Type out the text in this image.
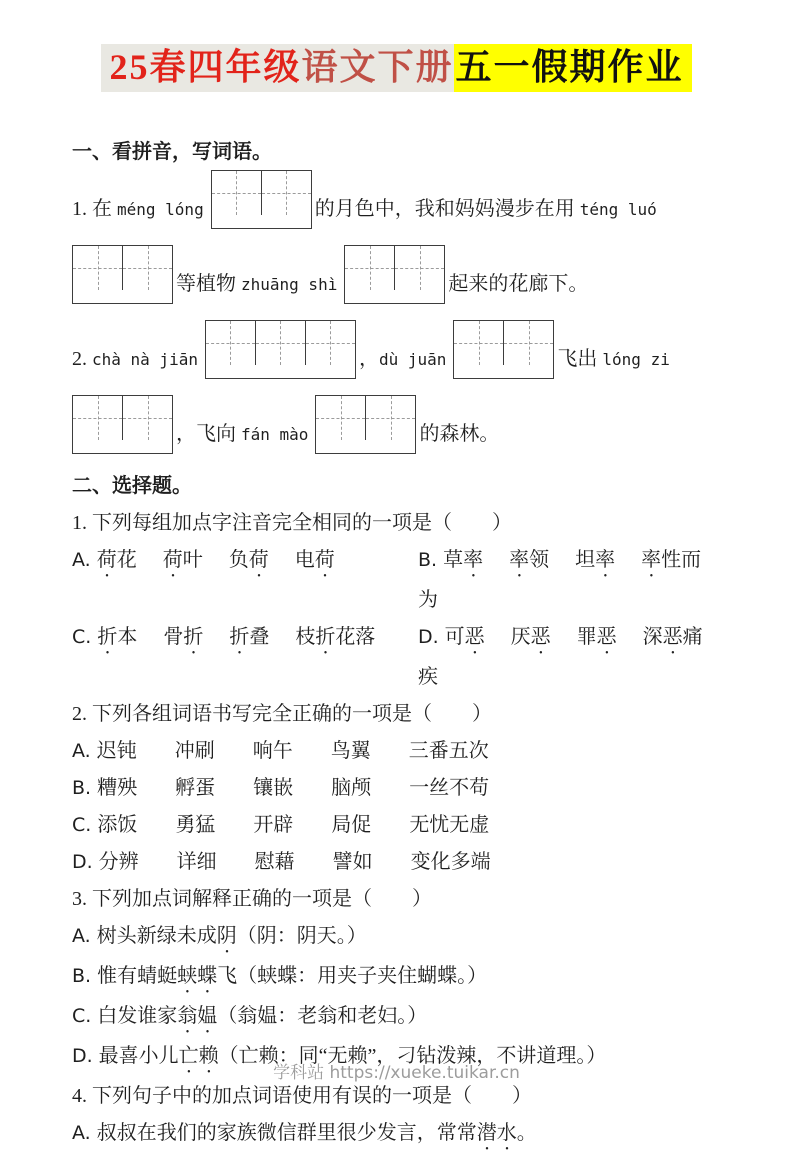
25春四年级语文下册五一假期作业
一、看拼音，写词语。
1. 在 méng lóng	的月色中，我和妈妈漫步在用 téng luó
等植物 zhuāng shì	起来的花廊下。
2. chà nà jiān	，dù juān	飞出 lóng zi
，飞向 fán mào	的森林。
二、选择题。
1. 下列每组加点字注音完全相同的一项是（　　）
A. 荷花 荷叶 负荷 电荷	B. 草率 率领 坦率 率性而为
C. 折本 骨折 折叠 枝折花落	D. 可恶 厌恶 罪恶 深恶痛疾
2. 下列各组词语书写完全正确的一项是（　　）
A. 迟钝 冲刷 响午 鸟翼 三番五次
B. 糟殃 孵蛋 镶嵌 脑颅 一丝不苟
C. 添饭 勇猛 开辟 局促 无忧无虚
D. 分辨 详细 慰藉 譬如 变化多端
3. 下列加点词解释正确的一项是（　　）
A. 树头新绿未成阴（阴：阴天。）
B. 惟有蜻蜓蛱蝶飞（蛱蝶：用夹子夹住蝴蝶。）
C. 白发谁家翁媪（翁媪：老翁和老妇。）
D. 最喜小儿亡赖（亡赖：同“无赖”，刁钻泼辣，不讲道理。）
4. 下列句子中的加点词语使用有误的一项是（　　）
A. 叔叔在我们的家族微信群里很少发言，常常潜水。
学科站 https://xueke.tuikar.cn
